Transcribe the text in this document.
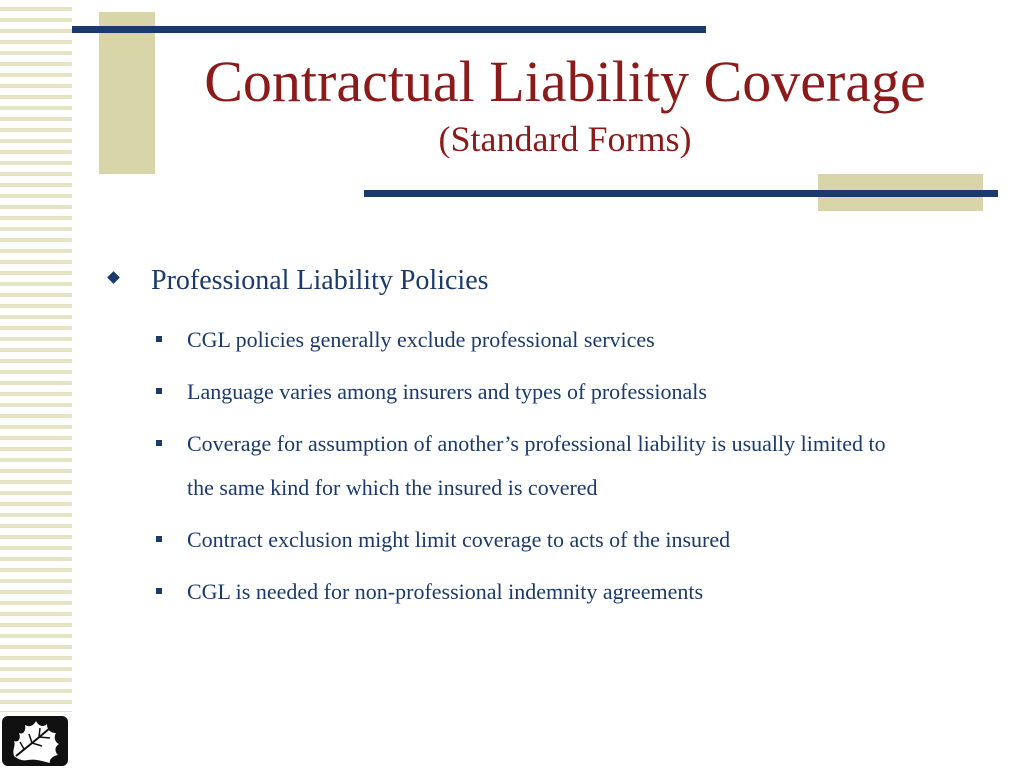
Contractual Liability Coverage
(Standard Forms)
Professional Liability Policies
CGL policies generally exclude professional services
Language varies among insurers and types of professionals
Coverage for assumption of another’s professional liability is usually limited to the same kind for which the insured is covered
Contract exclusion might limit coverage to acts of the insured
CGL is needed for non-professional indemnity agreements
